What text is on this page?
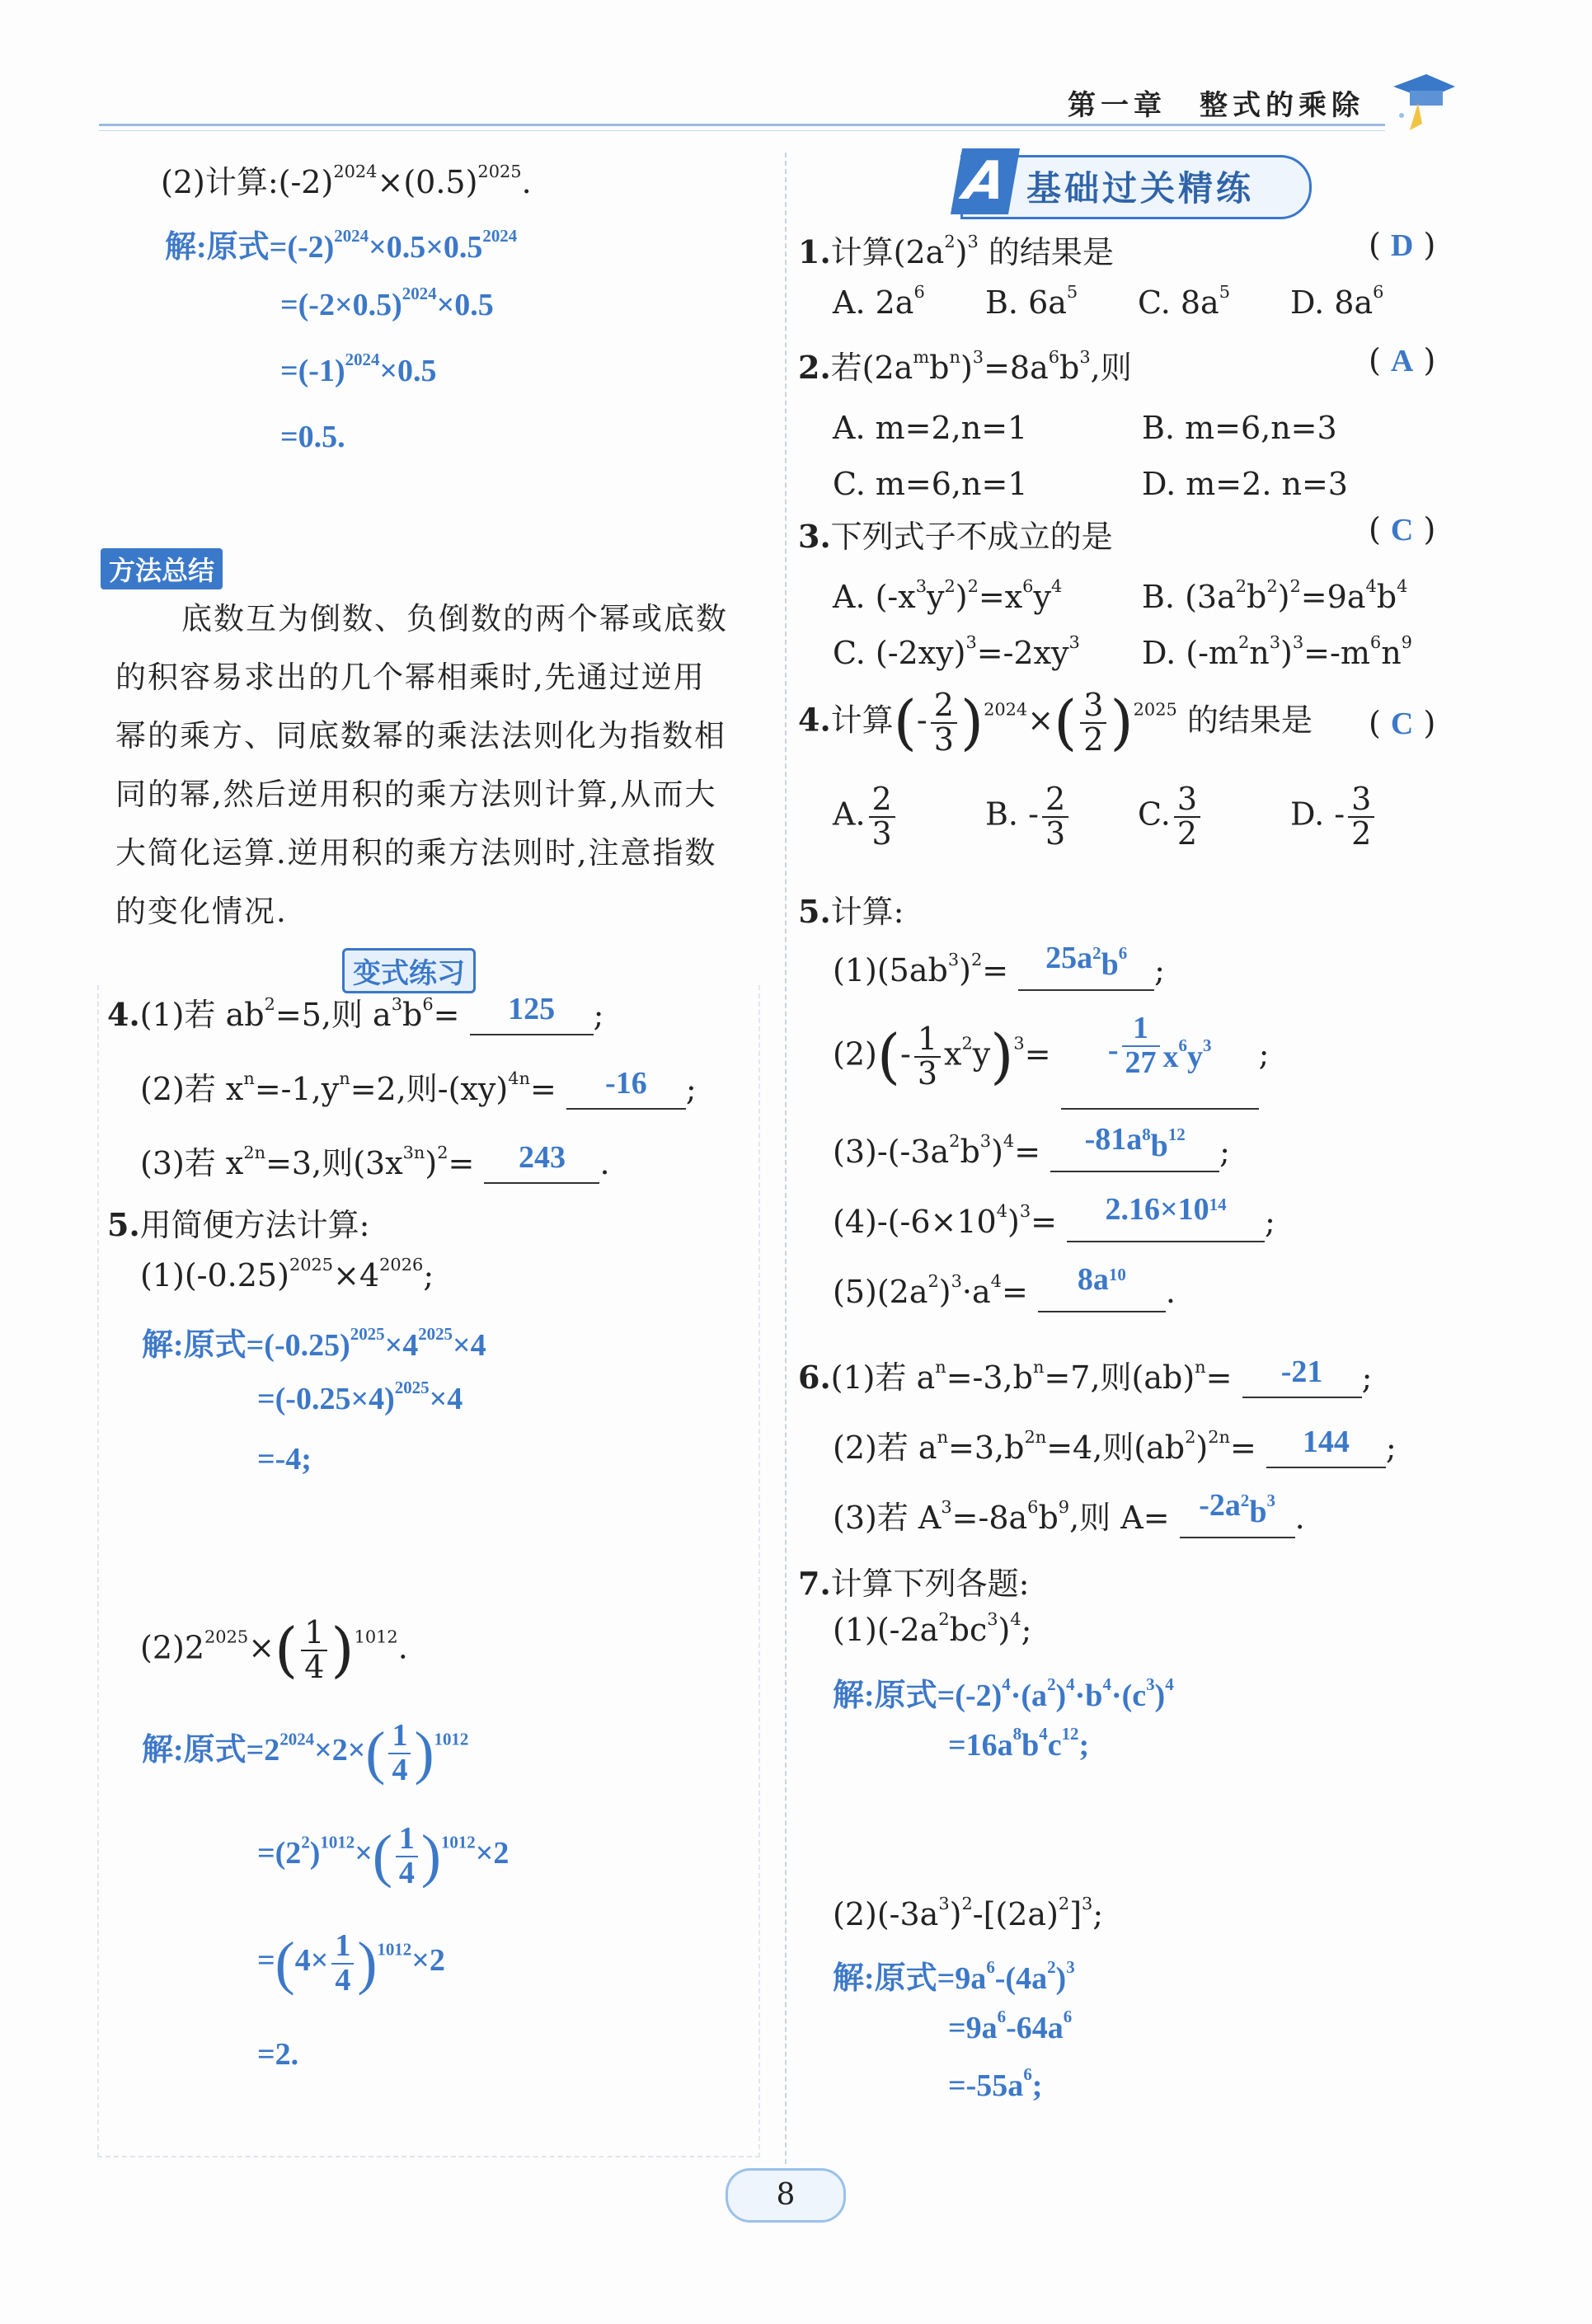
第一章　整式的乘除
(2)计算$:(-2)^{2024}\times(0.5)^{2025}$.
解:原式$=(-2)^{2024}\times 0.5\times 0.5^{2024}$
$=(-2\times 0.5)^{2024}\times 0.5$
$=(-1)^{2024}\times 0.5$
=0.5.
方法总结
底数互为倒数、负倒数的两个幂或底数
的积容易求出的几个幂相乘时,先通过逆用
幂的乘方、同底数幂的乘法法则化为指数相
同的幂,然后逆用积的乘方法则计算,从而大
大简化运算.逆用积的乘方法则时,注意指数
的变化情况.
变式练习
4.(1)若 $ab^2=5$,则 $a^3b^6= 125$ ;
(2)若 $x^n=-1,y^n=2$,则-(xy)$^{4n}$= -16 ;
(3)若 $x^{2n}=3$,则$(3x^{3n})^2= 243$ .
5.用简便方法计算:
$(1)(-0.25)^{2025}\times 4^{2026}$;
解:原式$=(-0.25)^{2025}\times 4^{2025}\times 4$
$=(-0.25\times 4)^{2025}\times 4$
=-4;
$(2)2^{2025}\times( \frac{1}{4} )^{1012}$.
解:原式$=2^{2024}\times 2\times( \frac{1}{4} )^{1012}$
$=(2^2)^{1012}\times( \frac{1}{4} )^{1012}\times 2$
$=(4\times \frac{1}{4} )^{1012}\times 2$
=2.
A 基础过关精练
1.计算$(2a^2)^3$ 的结果是	( D )
A. $2a^6$ B. $6a^5$ C. $8a^5$ D. $8a^6$
2.若$(2a^mb^n)^3=8a^6b^3$,则	( A )
A. m=2,n=1	B. m=6,n=3
C. m=6,n=1	D. m=2. n=3
3.下列式子不成立的是	( C )
A. $(-x^3y^2)^2=x^6y^4$	B. $(3a^2b^2)^2=9a^4b^4$
C. $(-2xy)^3=-2xy^3$ D. $(-m^2n^3)^3=-m^6n^9$
4.计算(- $\frac{2}{3} )^{2024}\times( \frac{3}{2} )^{2025}$ 的结果是 ( C )
A. $\frac{2}{3}$	B. - $\frac{2}{3} C$. $\frac{3}{2}$	D. - $\frac{3}{2}$
5.计算:
$(1)(5ab^3)^2= 25a^2b^6$ ;
$(2)(- \frac{1}{3} x^2y)^3= - \frac{1}{27} x^6y^3$ ;
$(3)-(-3a^2b^3)^4= -81a^8b^{12}$ ;
$(4)-(-6\times 10^4)^3= 2.16\times 10^{14}$ ;
$(5)(2a^2)^3\cdot a^4= 8a^{10}$ .
6.(1)若 $a^n=-3,b^n=7$,则(ab)$^n$= -21 ;
(2)若 $a^n=3,b^{2n}=4$,则$(ab^2)^{2n}= 144$ ;
(3)若 $A^3=-8a^6b^9$,则 $A= -2a^2b^3$ .
7.计算下列各题:
$(1)(-2a^2bc^3)^4$;
解:原式$=(-2)^4\cdot(a^2)^4\cdot b^4\cdot(c^3)^4$
$=16a^8b^4c^{12}$;
$(2)(-3a^3)^2-[(2a)^2]^3$;
解:原式$=9a^6-(4a^2)^3$
$=9a^6-64a^6$
$=-55a^6$;
8
